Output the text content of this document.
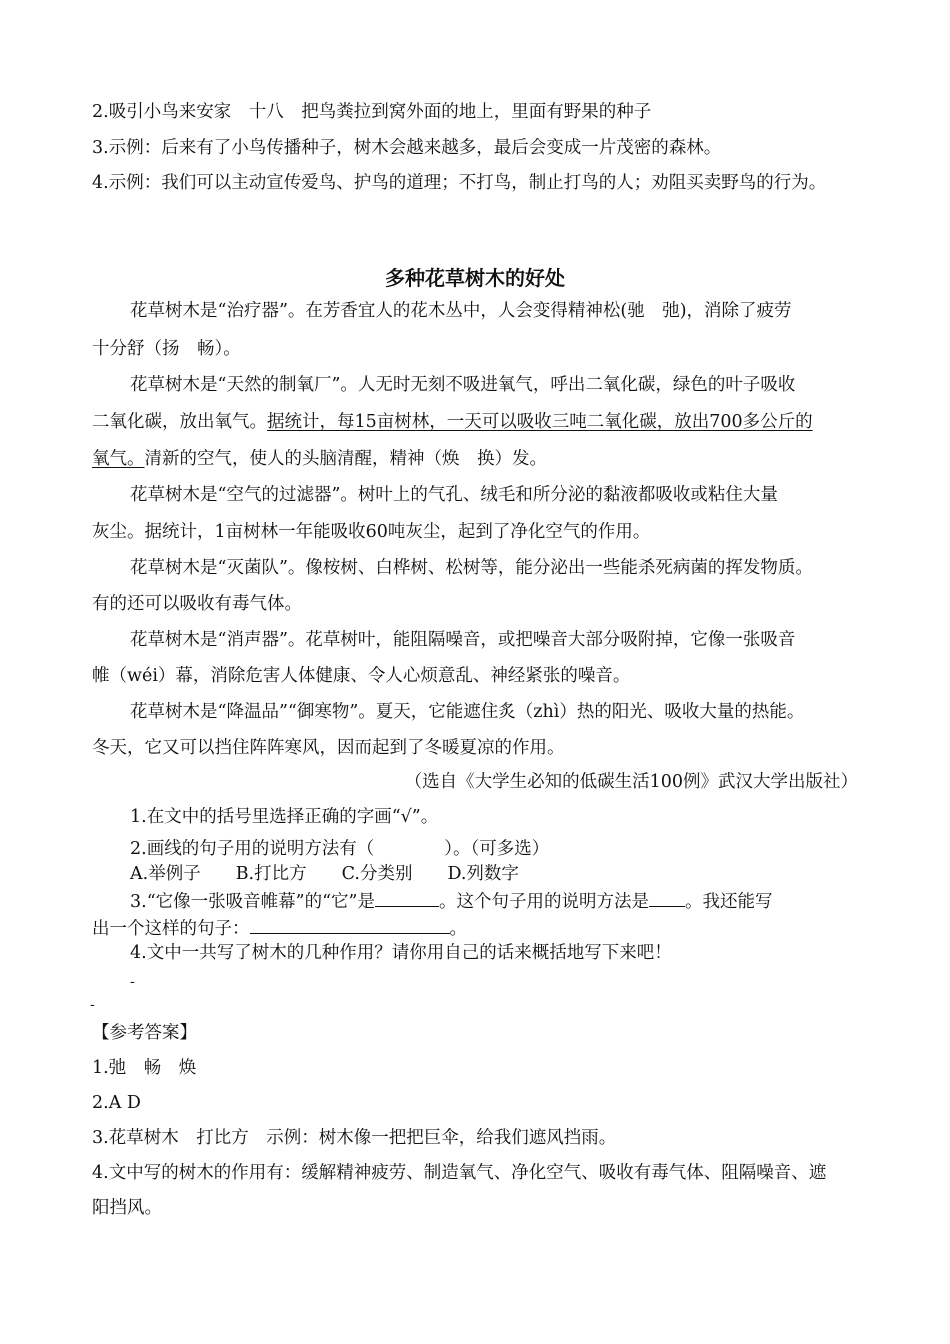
2.吸引小鸟来安家　十八　把鸟粪拉到窝外面的地上，里面有野果的种子
3.示例：后来有了小鸟传播种子，树木会越来越多，最后会变成一片茂密的森林。
4.示例：我们可以主动宣传爱鸟、护鸟的道理；不打鸟，制止打鸟的人；劝阻买卖野鸟的行为。
多种花草树木的好处
花草树木是“治疗器”。在芳香宜人的花木丛中，人会变得精神松(驰　弛)，消除了疲劳
十分舒（扬　畅）。
花草树木是“天然的制氧厂”。人无时无刻不吸进氧气，呼出二氧化碳，绿色的叶子吸收
二氧化碳，放出氧气。据统计，每15亩树林，一天可以吸收三吨二氧化碳，放出700多公斤的
氧气。清新的空气，使人的头脑清醒，精神（焕　换）发。
花草树木是“空气的过滤器”。树叶上的气孔、绒毛和所分泌的黏液都吸收或粘住大量
灰尘。据统计，1亩树林一年能吸收60吨灰尘，起到了净化空气的作用。
花草树木是“灭菌队”。像桉树、白桦树、松树等，能分泌出一些能杀死病菌的挥发物质。
有的还可以吸收有毒气体。
花草树木是“消声器”。花草树叶，能阻隔噪音，或把噪音大部分吸附掉，它像一张吸音
帷（wéi）幕，消除危害人体健康、令人心烦意乱、神经紧张的噪音。
花草树木是“降温品”“御寒物”。夏天，它能遮住炙（zhì）热的阳光、吸收大量的热能。
冬天，它又可以挡住阵阵寒风，因而起到了冬暖夏凉的作用。
（选自《大学生必知的低碳生活100例》武汉大学出版社）
1.在文中的括号里选择正确的字画“√”。
2.画线的句子用的说明方法有（　　　　）。（可多选）
A.举例子　　B.打比方　　C.分类别　　D.列数字
3.“它像一张吸音帷幕”的“它”是	。这个句子用的说明方法是 。我还能写
出一个这样的句子：	。
4.文中一共写了树木的几种作用？请你用自己的话来概括地写下来吧！
-
-
【参考答案】
1.弛　畅　焕
2.A D
3.花草树木　打比方　示例：树木像一把把巨伞，给我们遮风挡雨。
4.文中写的树木的作用有：缓解精神疲劳、制造氧气、净化空气、吸收有毒气体、阻隔噪音、遮
阳挡风。
